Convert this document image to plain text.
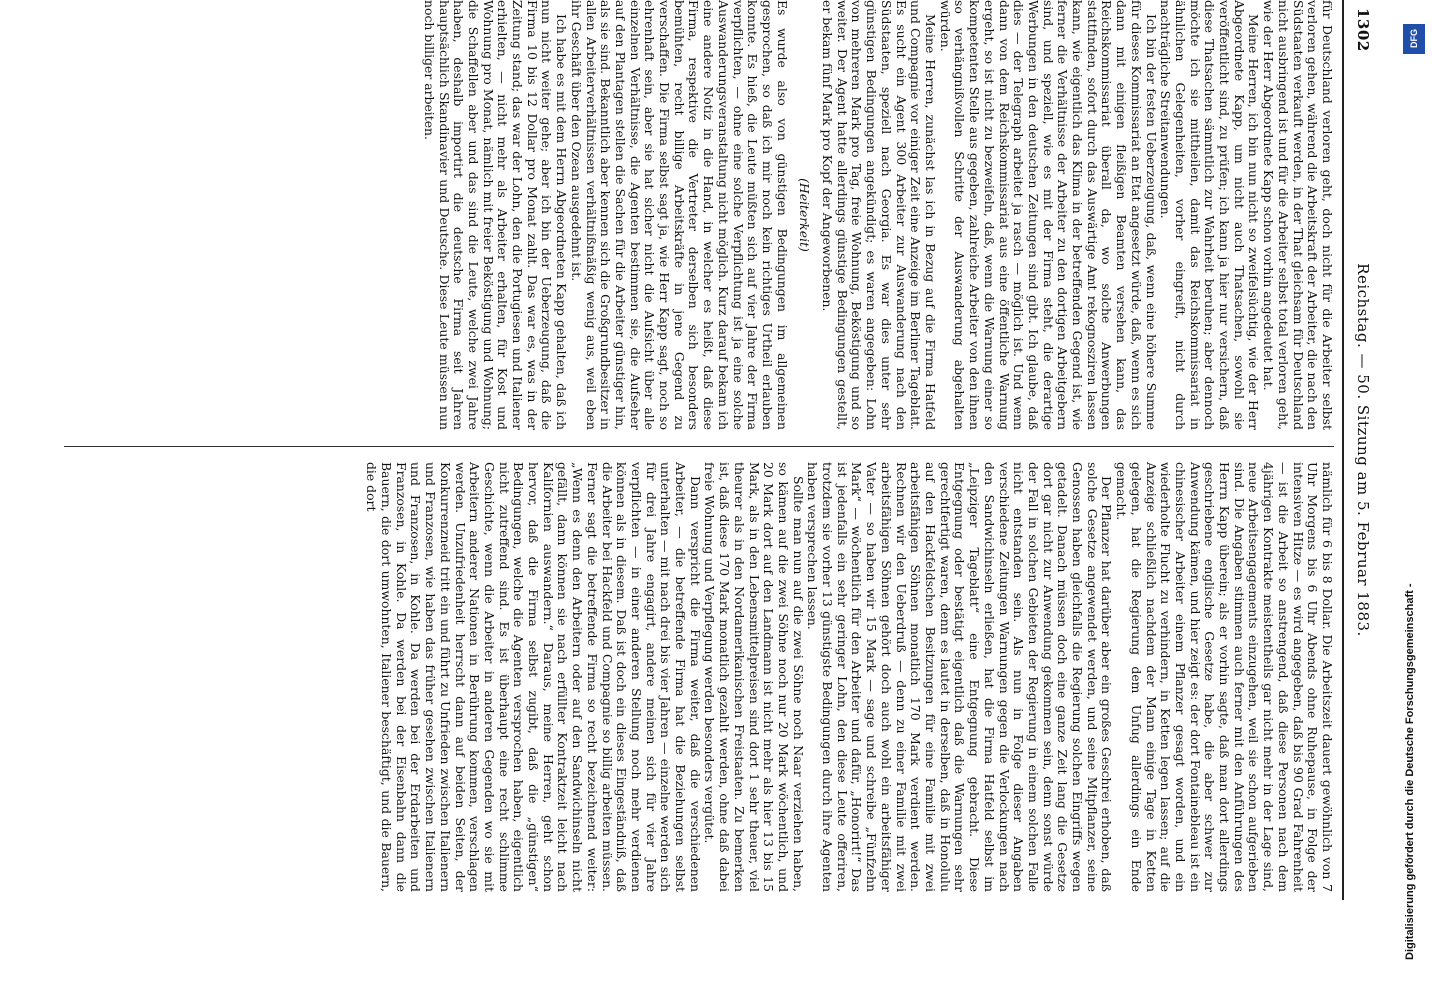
1302
Reichstag. — 50. Sitzung am 5. Februar 1883.

für Deutschland verloren geht, doch nicht für die Arbeiter selbst verloren gehen, während die Arbeitskraft der Arbeiter, die nach den Südstaaten verkauft werden, in der That gleichsam für Deutschland nicht ausbringend ist und für die Arbeiter selbst total verloren geht, wie der Herr Abgeordnete Kapp schon vorhin angedeutet hat.

Meine Herren, ich bin nun nicht so zweifelsüchtig, wie der Herr Abgeordnete Kapp, um nicht auch Thatsachen, sowohl sie veröffentlicht sind, zu prüfen; ich kann ja hier nur versichern, daß diese Thatsachen sämmtlich zur Wahrheit beruhen; aber dennoch möchte ich sie mittheilen, damit das Reichskommissariat in ähnlichen Gelegenheiten, vorher eingreift, nicht durch nachträgliche Streitanwendungen.

Ich bin der festen Ueberzeugung, daß, wenn eine höhere Summe für dieses Kommissariat an Etat angesetzt würde, daß, wenn es sich dann mit einigen fleißigen Beamten versehen kann, das Reichskommissariat überall da, wo solche Anwerbungen stattfinden, sofort durch das Auswärtige Amt rekognosziren lassen kann, wie eigentlich das Klima in der betreffenden Gegend ist, wie ferner die Verhältnisse der Arbeiter zu den dortigen Arbeitgebern sind, und speziell, wie es mit der Firma steht, die derartige Werbungen in den deutschen Zeitungen sind gibt. Ich glaube, daß dies — der Telegraph arbeitet ja rasch — möglich ist. Und wenn dann von dem Reichskommissariat aus eine öffentliche Warnung ergeht, so ist nicht zu bezweifeln, daß, wenn die Warnung einer so kompetenten Stelle aus gegeben, zahlreiche Arbeiter von den ihnen so verhängnißvollen Schritte der Auswanderung abgehalten würden.

Meine Herren, zunächst las ich in Bezug auf die Firma Hatfeld und Compagnie vor einiger Zeit eine Anzeige im Berliner Tageblatt. Es sucht ein Agent 300 Arbeiter zur Auswanderung nach den Südstaaten, speziell nach Georgia. Es war dies unter sehr günstigen Bedingungen angekündigt; es waren angegeben: Lohn von mehreren Mark pro Tag, freie Wohnung, Beköstigung und so weiter. Der Agent hatte allerdings günstige Bedingungen gestellt, er bekam fünf Mark pro Kopf der Angeworbenen.

(Heiterkeit)

Es wurde also von günstigen Bedingungen im allgemeinen gesprochen, so daß ich mir noch kein richtiges Urtheil erlauben konnte. Es hieß, die Leute müßten sich auf vier Jahre der Firma verpflichten, — ohne eine solche Verpflichtung ist ja eine solche Auswanderungsveranstaltung nicht möglich. Kurz darauf bekam ich eine andere Notiz in die Hand, in welcher es heißt, daß diese Firma, respektive die Vertreter derselben sich besonders bemühten, recht billige Arbeitskräfte in jene Gegend zu verschaffen. Die Firma selbst sagt ja, wie Herr Kapp sagt, noch so ehrenhaft sein, aber sie hat sicher nicht die Aufsicht über alle einzelnen Verhältnisse, die Agenten bestimmen sie, die Aufseher auf den Plantagen stellen die Sachen für die Arbeiter günstiger hin, als sie sind. Bekanntlich aber kennen sich die Großgrundbesitzer in allen Arbeiterverhältnissen verhältnißmäßig wenig aus, weil eben ihr Geschäft über den Ozean ausgedehnt ist.

Ich habe es mit dem Herrn Abgeordneten Kapp gehalten, daß ich nun nicht weiter gehe; aber ich bin der Ueberzeugung, daß die Firma 10 bis 12 Dollar pro Monat zahlt. Das war es, was in der Zeitung stand; das war der Lohn, den die Portugiesen und Italiener erhielten, — nicht mehr als Arbeiter erhalten, für Kost und Wohnung pro Monat, nämlich mit freier Beköstigung und Wohnung; die Schaffellen aber und das sind die Leute, welche zwei Jahre haben, deshalb importirt die deutsche Firma seit Jahren hauptsächlich Skandinavier und Deutsche. Diese Leute müssen nun noch billiger arbeiten.

nämlich für 6 bis 8 Dollar. Die Arbeitszeit dauert gewöhnlich von 7 Uhr Morgens bis 6 Uhr Abends ohne Ruhepause, in Folge der intensiven Hitze — es wird angegeben, daß bis 90 Grad Fahrenheit — ist die Arbeit so anstrengend, daß diese Personen nach dem 4jährigen Kontrakte meistentheils gar nicht mehr in der Lage sind, neue Arbeitsengagements einzugehen, weil sie schon aufgerieben sind. Die Angaben stimmen auch ferner mit den Anführungen des Herrn Kapp überein; als er vorhin sagte, daß man dort allerdings geschriebene englische Gesetze habe, die aber schwer zur Anwendung kämen, und hier zeigt es: der dort Fontainebleau ist ein chinesischer Arbeiter einem Pflanzer gesagt worden, und ein wiederholte Flucht zu verhindern, in Ketten legen lassen; auf die Anzeige schließlich nachdem der Mann einige Tage in Ketten gelegen, hat die Regierung dem Unfug allerdings ein Ende gemacht.

Der Pflanzer hat darüber aber ein großes Geschrei erhoben, daß solche Gesetze angewendet werden, und seine Mitpflanzer, seine Genossen haben gleichfalls die Regierung solchen Eingriffs wegen getadelt. Danach müssen doch eine ganze Zeit lang die Gesetze dort gar nicht zur Anwendung gekommen sein, denn sonst würde der Fall in solchen Gebieten der Regierung in einem solchen Falle nicht entstanden sein. Als nun in Folge dieser Angaben verschiedene Zeitungen Warnungen gegen die Verlockungen nach den Sandwichinseln erließen, hat die Firma Hatfeld selbst im „Leipziger Tageblatt“ eine Entgegnung gebracht. Diese Entgegnung oder bestätigt eigentlich daß die Warnungen sehr gerechtfertigt waren, denn es lautet in derselben, daß in Honolulu auf den Hackfeldschen Besitzungen für eine Familie mit zwei arbeitsfähigen Söhnen monatlich 170 Mark verdient werden. Rechnen wir den Ueberdruß — denn zu einer Familie mit zwei arbeitsfähigen Söhnen gehört doch auch wohl ein arbeitsfähiger Vater — so haben wir 15 Mark — sage und schreibe „Fünfzehn Mark“ — wöchentlich für den Arbeiter und dafür, „Honorirt!“ Das ist jedenfalls ein sehr geringer Lohn, den diese Leute offeriren, trotzdem sie vorher 13 günstigste Bedingungen durch ihre Agenten haben versprechen lassen.

Sollte man nun auf die zwei Söhne noch Naar verziehen haben, so kämen auf die zwei Söhne noch nur 20 Mark wöchentlich, und 20 Mark dort auf den Landmann ist nicht mehr als hier 13 bis 15 Mark, als in den Lebensmittelpreisen sind dort 1 sehr theuer, viel theurer als in den Nordamerikanischen Freistaaten. Zu bemerken ist, daß diese 170 Mark monatlich gezahlt werden, ohne daß dabei freie Wohnung und Verpflegung werden besonders vergütet.

Dann verspricht die Firma weiter, daß die verschiedenen Arbeiter, — die betreffende Firma hat die Beziehungen selbst unterhalten — mit nach drei bis vier Jahren — einzelne werden sich für drei Jahre engagirt, andere meinen sich für vier Jahre verpflichten — in einer anderen Stellung noch mehr verdienen können als in diesem. Daß ist doch ein dieses Eingeständniß, daß die Arbeiter bei Hackfeld und Compagnie so billig arbeiten müssen. Ferner sagt die betreffende Firma so recht bezeichnend weiter: „Wenn es denn den Arbeitern oder auf den Sandwichinseln nicht gefällt, dann können sie nach erfüllter Kontraktzeit leicht nach Kalifornien auswandern.“ Daraus, meine Herren, geht schon hervor, daß die Firma selbst zugibt, daß die „günstigen“ Bedingungen, welche die Agenten versprochen haben, eigentlich nicht zutreffend sind. Es ist überhaupt eine recht schlimme Geschichte, wenn die Arbeiter in anderen Gegenden wo sie mit Arbeitern anderer Nationen in Berührung kommen, verschlagen werden. Unzufriedenheit herrscht dann auf beiden Seiten, der Konkurrenzneid tritt ein und führt zu Unfrieden zwischen Italienern und Franzosen, wie haben das früher gesehen zwischen Italienern und Franzosen, in Kohle. Da werden bei der Erdarbeiten und Franzosen, in Kohle. Da werden bei der Eisenbahn dann die Bauern, die dort umwohnten, Italiener beschäftigt, und die Bauern, die dort

DFG
Digitalisierung gefördert durch die Deutsche Forschungsgemeinschaft -
